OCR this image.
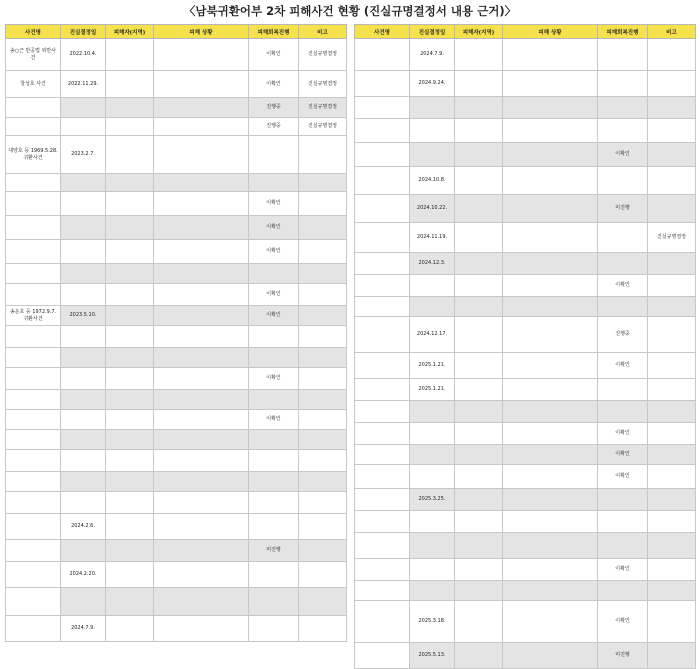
〈남북귀환어부 2차 피해사건 현황 (진실규명결정서 내용 근거)〉
사건명	진실결정일	피해자(지역)	피해 상황	피해회복진행	비고
송○근 반공법 위반사건	2022.10.4.			이확인	진실규명결정
창성호 사건	2022.11.29.			이확인	진실규명결정
				진행중	진실규명결정
				진행중	진실규명결정
대양호 등 1969.5.28. 귀환사건	2023.2.7.				

				이확인	
				이확인	
				이확인	

				이확인	
송운호 등 1972.9.7. 귀환사건	2023.5.10.			이확인	

				이확인	

				이확인	

	2024.2.6.				
				미진행	
	2024.2.20.				

	2024.7.9.				
사건명	진실결정일	피해자(지역)	피해 상황	피해회복진행	비고
	2024.7.9.				
	2024.9.24.				

				이확인	
	2024.10.8.				
	2024.10.22.			미진행	
	2024.11.19.				진실규명결정
	2024.12.3.				
				이확인	

	2024.12.17.			진행중	
	2025.1.21.			이확인	
	2025.1.21.				

				이확인	
				이확인	
				이확인	
	2025.3.25.				

				이확인	

	2025.3.18.			이확인	
	2025.5.13.			미진행	
